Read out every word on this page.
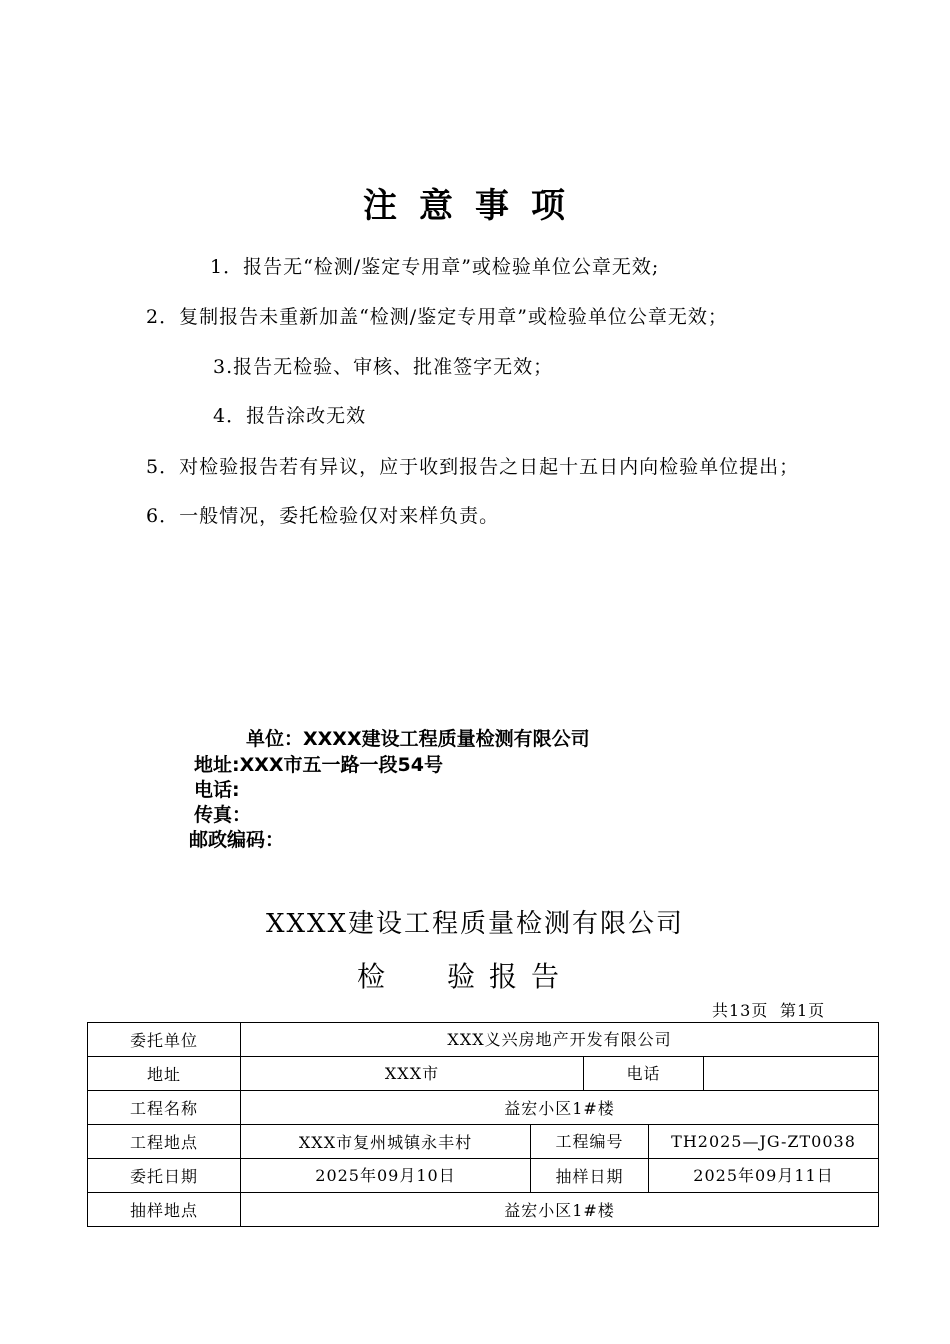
注意事项
1．报告无“检测/鉴定专用章”或检验单位公章无效;
2．复制报告未重新加盖“检测/鉴定专用章”或检验单位公章无效；
3.报告无检验、审核、批准签字无效；
4．报告涂改无效
5．对检验报告若有异议，应于收到报告之日起十五日内向检验单位提出；
6．一般情况，委托检验仅对来样负责。
单位：XXXX建设工程质量检测有限公司
地址:XXX市五一路一段54号
电话:
传真：
邮政编码：
XXXX建设工程质量检测有限公司
检 验 报 告
共13页 第1页
委托单位	XXX义兴房地产开发有限公司				
地址	XXX市		电话		
工程名称	益宏小区1#楼				
工程地点	XXX市复州城镇永丰村	工程编号		TH2025—JG-ZT0038	
委托日期	2025年09月10日	抽样日期		2025年09月11日	
抽样地点	益宏小区1#楼				
